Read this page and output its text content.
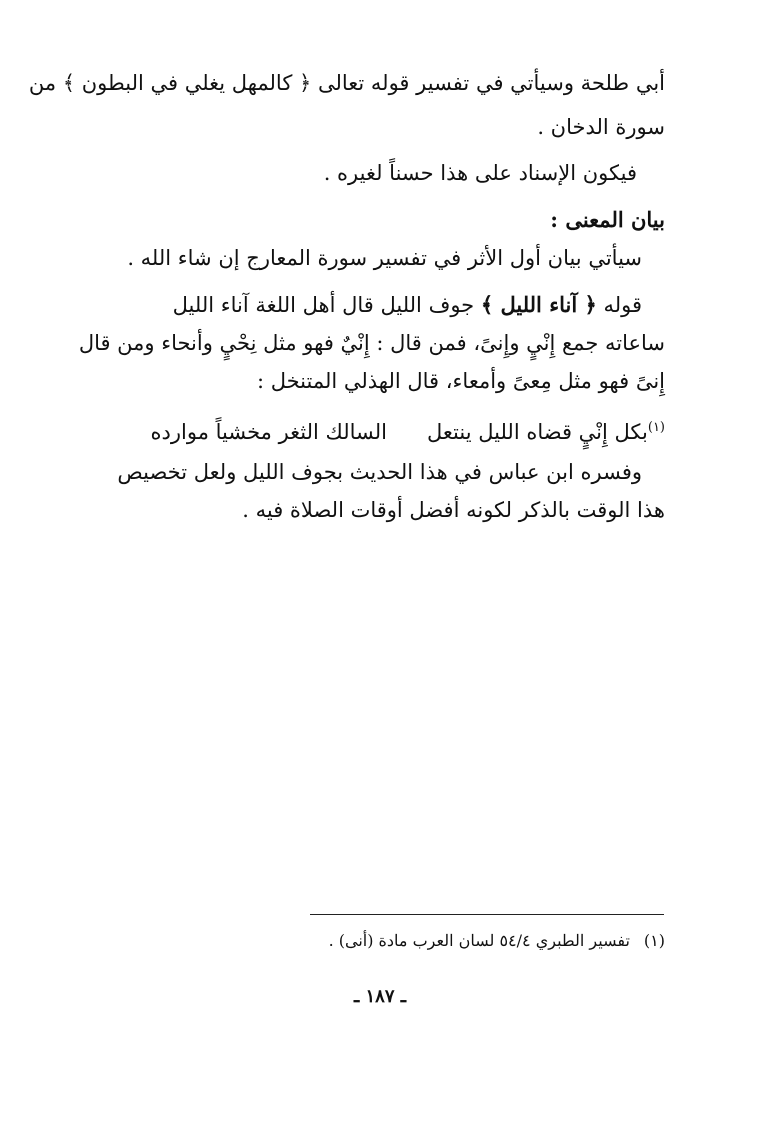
أبي طلحة وسيأتي في تفسير قوله تعالى ﴿ كالمهل يغلي في البطون ﴾ من
سورة الدخان .
فيكون الإسناد على هذا حسناً لغيره .
بيان المعنى :
سيأتي بيان أول الأثر في تفسير سورة المعارج إن شاء الله .
قوله ﴿ آناء الليل ﴾ جوف الليل قال أهل اللغة آناء الليل
ساعاته جمع إِنْيٍ وإِنىً، فمن قال : إِنْيٌ فهو مثل نِحْيٍ وأنحاء ومن قال
إِنىً فهو مثل مِعىً وأمعاء، قال الهذلي المتنخل :
السالك الثغر مخشياً موارده بكل إِنْيٍ قضاه الليل ينتعل$^{(١)}$
وفسره ابن عباس في هذا الحديث بجوف الليل ولعل تخصيص
هذا الوقت بالذكر لكونه أفضل أوقات الصلاة فيه .
(١)تفسير الطبري ٥٤/٤ لسان العرب مادة (أنى) .
ـ ١٨٧ ـ
